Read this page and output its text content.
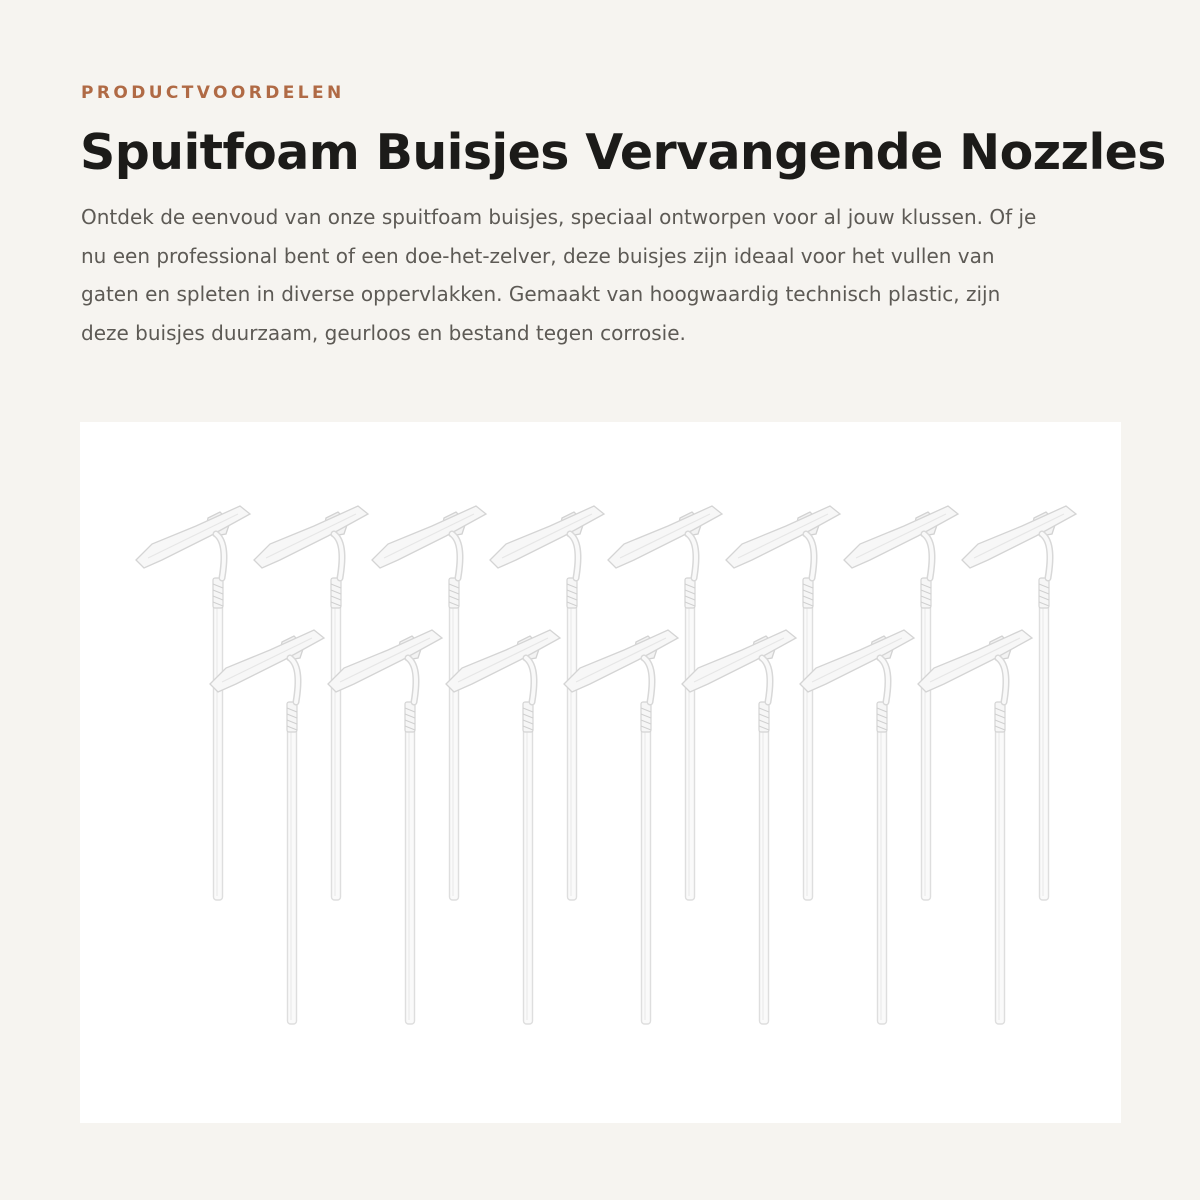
PRODUCTVOORDELEN

Spuitfoam Buisjes Vervangende Nozzles

Ontdek de eenvoud van onze spuitfoam buisjes, speciaal ontworpen voor al jouw klussen. Of je nu een professional bent of een doe-het-zelver, deze buisjes zijn ideaal voor het vullen van gaten en spleten in diverse oppervlakken. Gemaakt van hoogwaardig technisch plastic, zijn deze buisjes duurzaam, geurloos en bestand tegen corrosie.
